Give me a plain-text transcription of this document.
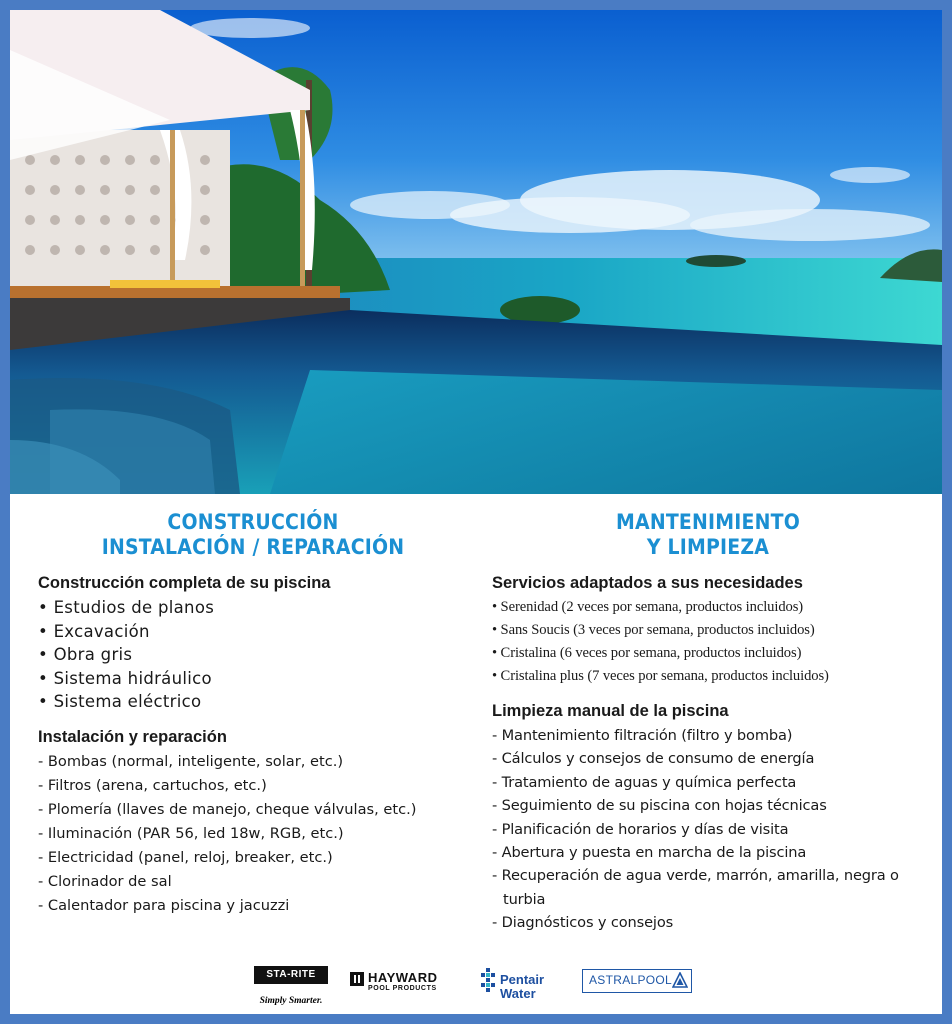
CONSTRUCCIÓN
INSTALACIÓN / REPARACIÓN
Construcción completa de su piscina
• Estudios de planos
• Excavación
• Obra gris
• Sistema hidráulico
• Sistema eléctrico
Instalación y reparación
- Bombas (normal, inteligente, solar, etc.)
- Filtros (arena, cartuchos, etc.)
- Plomería (llaves de manejo, cheque válvulas, etc.)
- Iluminación (PAR 56, led 18w, RGB, etc.)
- Electricidad (panel, reloj, breaker, etc.)
- Clorinador de sal
- Calentador para piscina y jacuzzi
MANTENIMIENTO
Y LIMPIEZA
Servicios adaptados a sus necesidades
• Serenidad (2 veces por semana, productos incluidos)
• Sans Soucis (3 veces por semana, productos incluidos)
• Cristalina (6 veces por semana, productos incluidos)
• Cristalina plus (7 veces por semana, productos incluidos)
Limpieza manual de la piscina
- Mantenimiento filtración (filtro y bomba)
- Cálculos y consejos de consumo de energía
- Tratamiento de aguas y química perfecta
- Seguimiento de su piscina con hojas técnicas
- Planificación de horarios y días de visita
- Abertura y puesta en marcha de la piscina
- Recuperación de agua verde, marrón, amarilla, negra o turbia
- Diagnósticos y consejos
STA-RITE
Simply Smarter.
HAYWARD
POOL PRODUCTS
Pentair
Water
ASTRALPOOL
